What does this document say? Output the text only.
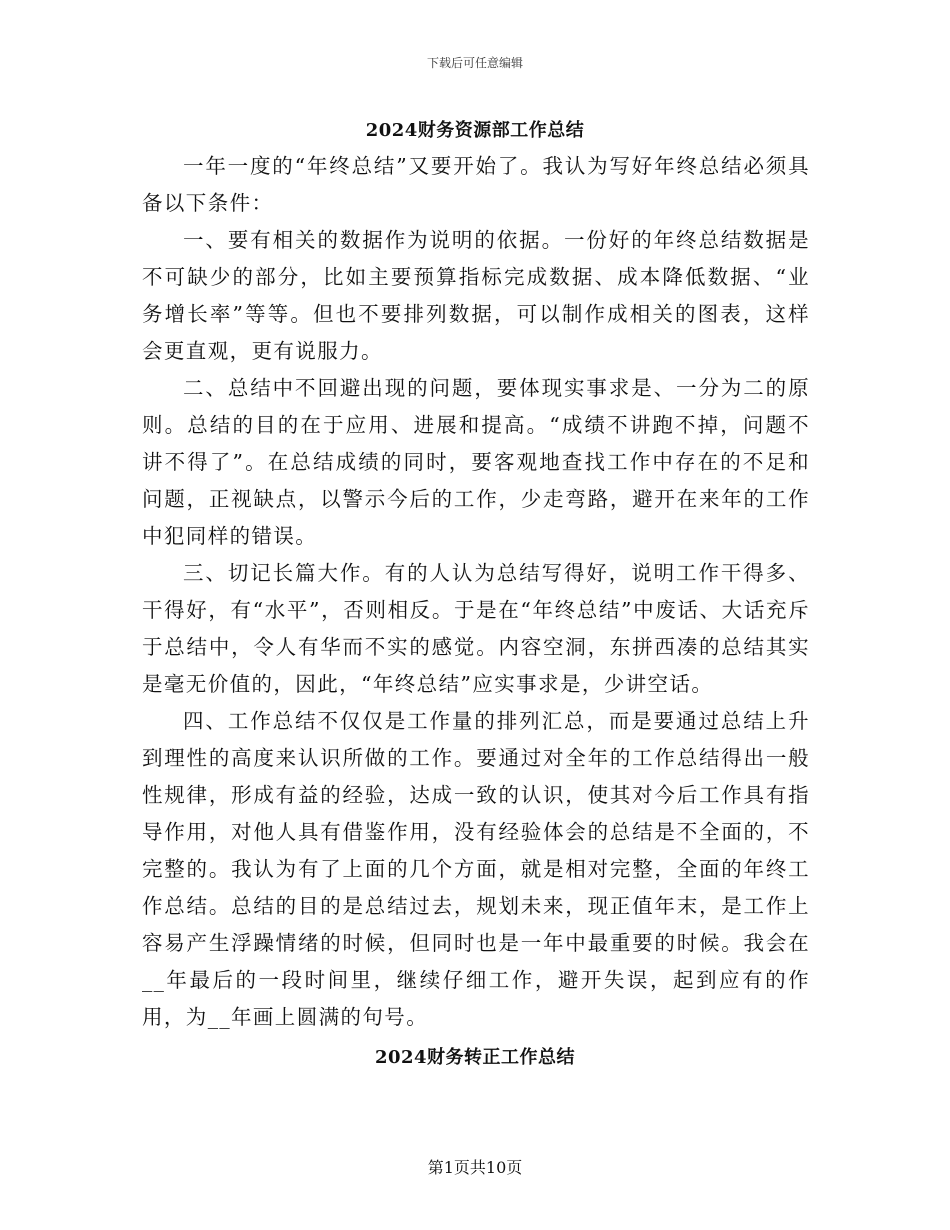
下载后可任意编辑
2024财务资源部工作总结

一年一度的“年终总结”又要开始了。我认为写好年终总结必须具备以下条件：

一、要有相关的数据作为说明的依据。一份好的年终总结数据是不可缺少的部分，比如主要预算指标完成数据、成本降低数据、“业务增长率”等等。但也不要排列数据，可以制作成相关的图表，这样会更直观，更有说服力。

二、总结中不回避出现的问题，要体现实事求是、一分为二的原则。总结的目的在于应用、进展和提高。“成绩不讲跑不掉，问题不讲不得了”。在总结成绩的同时，要客观地查找工作中存在的不足和问题，正视缺点，以警示今后的工作，少走弯路，避开在来年的工作中犯同样的错误。

三、切记长篇大作。有的人认为总结写得好，说明工作干得多、干得好，有“水平”，否则相反。于是在“年终总结”中废话、大话充斥于总结中，令人有华而不实的感觉。内容空洞，东拼西凑的总结其实是毫无价值的，因此，“年终总结”应实事求是，少讲空话。

四、工作总结不仅仅是工作量的排列汇总，而是要通过总结上升到理性的高度来认识所做的工作。要通过对全年的工作总结得出一般性规律，形成有益的经验，达成一致的认识，使其对今后工作具有指导作用，对他人具有借鉴作用，没有经验体会的总结是不全面的，不完整的。我认为有了上面的几个方面，就是相对完整，全面的年终工作总结。总结的目的是总结过去，规划未来，现正值年末，是工作上容易产生浮躁情绪的时候，但同时也是一年中最重要的时候。我会在__年最后的一段时间里，继续仔细工作，避开失误，起到应有的作用，为__年画上圆满的句号。

2024财务转正工作总结
第1页共10页
